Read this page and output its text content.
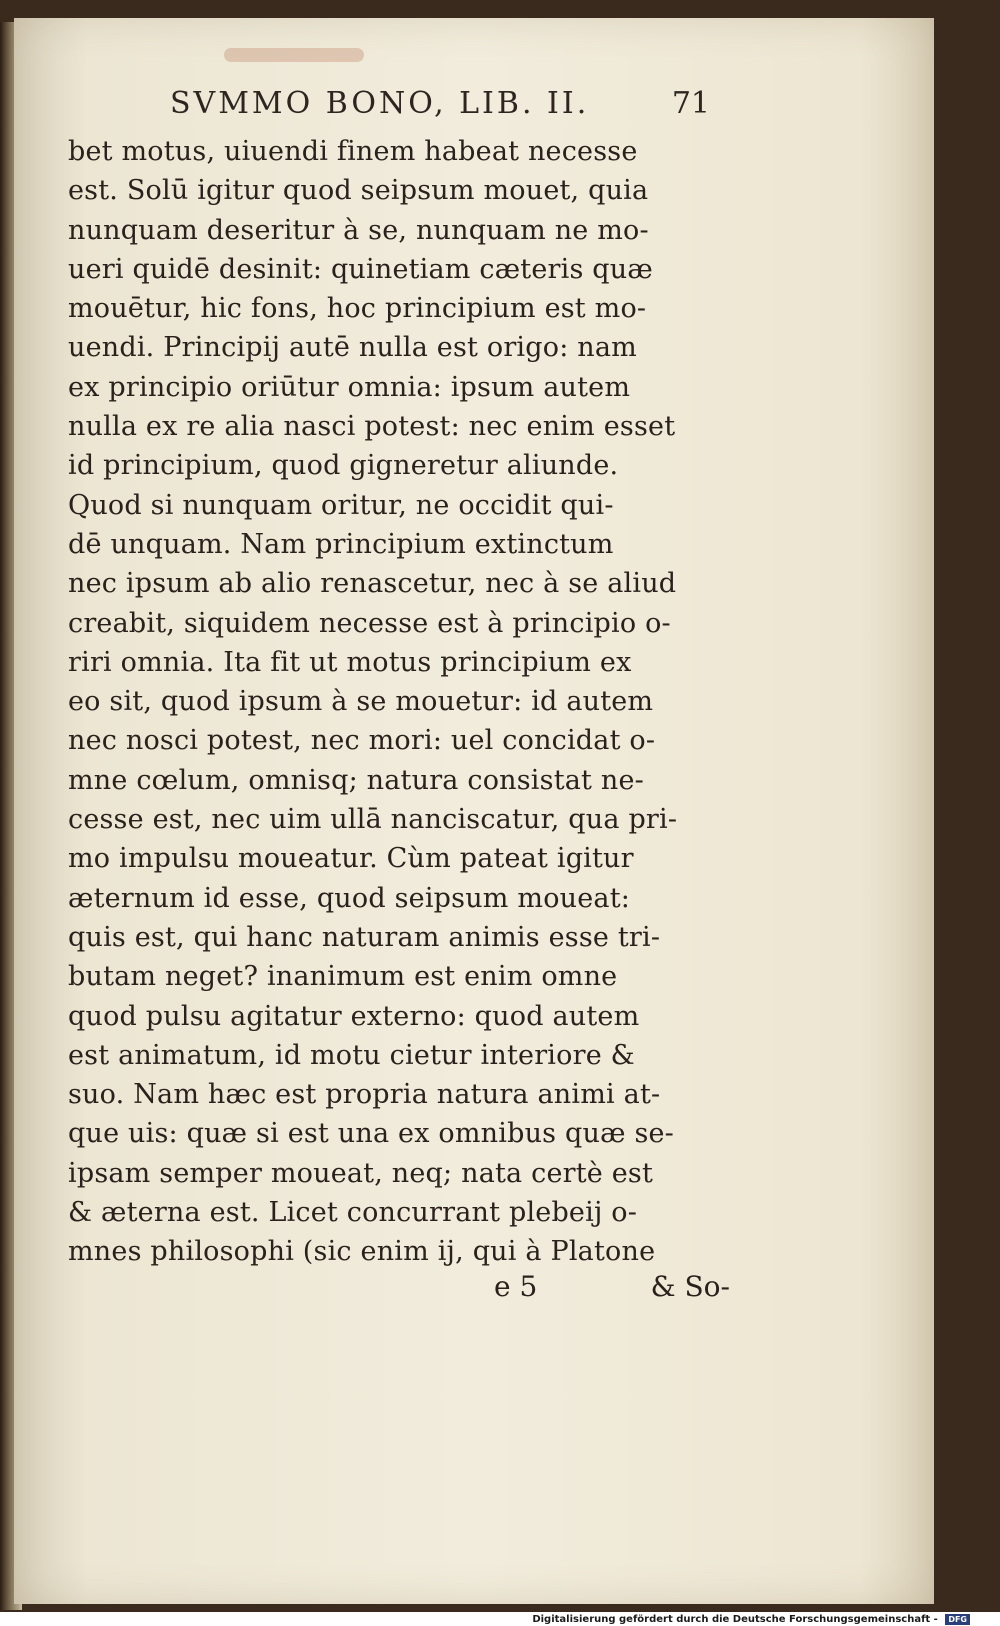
SVMMO BONO, LIB. II.	71
bet motus, uiuendi finem habeat necesse
est. Solū igitur quod seipsum mouet, quia
nunquam deseritur à se, nunquam ne mo-
ueri quidē desinit: quinetiam cæteris quæ
mouētur, hic fons, hoc principium est mo-
uendi. Principij autē nulla est origo: nam
ex principio oriūtur omnia: ipsum autem
nulla ex re alia nasci potest: nec enim esset
id principium, quod gigneretur aliunde.
Quod si nunquam oritur, ne occidit qui-
dē unquam. Nam principium extinctum
nec ipsum ab alio renascetur, nec à se aliud
creabit, siquidem necesse est à principio o-
riri omnia. Ita fit ut motus principium ex
eo sit, quod ipsum à se mouetur: id autem
nec nosci potest, nec mori: uel concidat o-
mne cœlum, omnisq; natura consistat ne-
cesse est, nec uim ullā nanciscatur, qua pri-
mo impulsu moueatur. Cùm pateat igitur
æternum id esse, quod seipsum moueat:
quis est, qui hanc naturam animis esse tri-
butam neget? inanimum est enim omne
quod pulsu agitatur externo: quod autem
est animatum, id motu cietur interiore &
suo. Nam hæc est propria natura animi at-
que uis: quæ si est una ex omnibus quæ se-
ipsam semper moueat, neq; nata certè est
& æterna est. Licet concurrant plebeij o-
mnes philosophi (sic enim ij, qui à Platone
e 5	& So-
Digitalisierung gefördert durch die Deutsche Forschungsgemeinschaft - DFG
